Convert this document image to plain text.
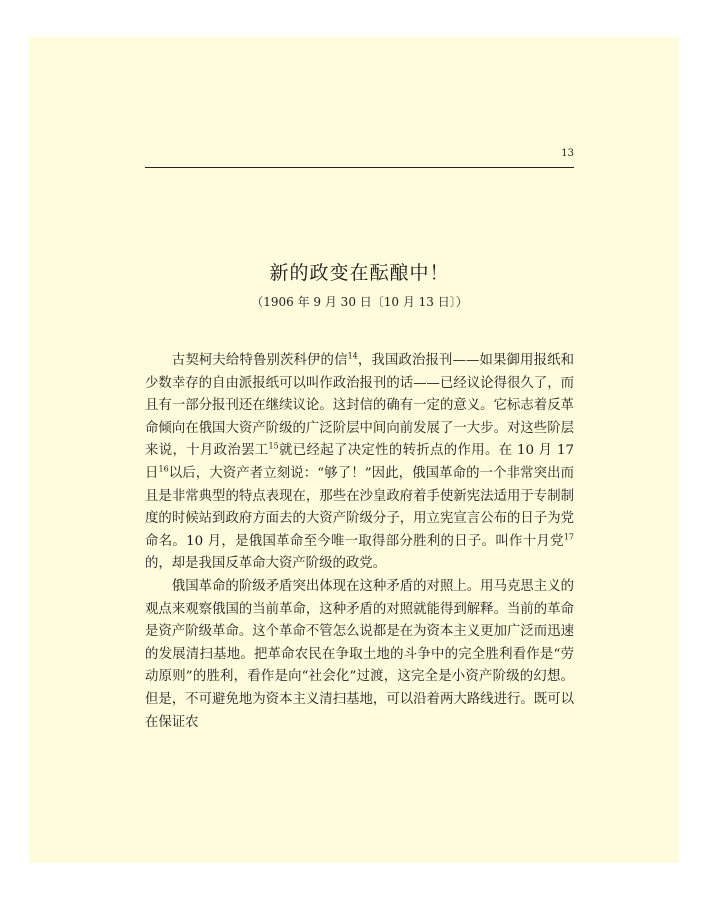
13
新的政变在酝酿中！
（1906 年 9 月 30 日〔10 月 13 日〕）

古契柯夫给特鲁别茨科伊的信$^{14}$，我国政治报刊——如果御用报纸和少数幸存的自由派报纸可以叫作政治报刊的话——已经议论得很久了，而且有一部分报刊还在继续议论。这封信的确有一定的意义。它标志着反革命倾向在俄国大资产阶级的广泛阶层中间向前发展了一大步。对这些阶层来说，十月政治罢工$^{15}$就已经起了决定性的转折点的作用。在 10 月 17 日$^{16}$以后，大资产者立刻说：“够了！”因此，俄国革命的一个非常突出而且是非常典型的特点表现在，那些在沙皇政府着手使新宪法适用于专制制度的时候站到政府方面去的大资产阶级分子，用立宪宣言公布的日子为党命名。10 月，是俄国革命至今唯一取得部分胜利的日子。叫作十月党$^{17}$的，却是我国反革命大资产阶级的政党。

俄国革命的阶级矛盾突出体现在这种矛盾的对照上。用马克思主义的观点来观察俄国的当前革命，这种矛盾的对照就能得到解释。当前的革命是资产阶级革命。这个革命不管怎么说都是在为资本主义更加广泛而迅速的发展清扫基地。把革命农民在争取土地的斗争中的完全胜利看作是“劳动原则”的胜利，看作是向“社会化”过渡，这完全是小资产阶级的幻想。但是，不可避免地为资本主义清扫基地，可以沿着两大路线进行。既可以在保证农
